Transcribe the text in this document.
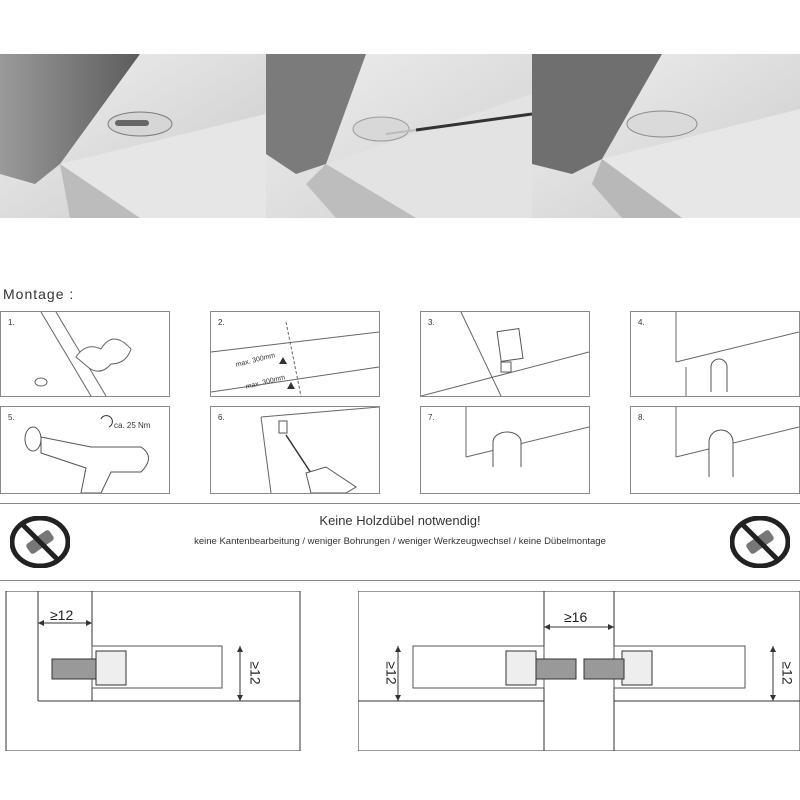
Montage :
1.	2.
max. 300mm
max. 300mm
3.	4.
5.
ca. 25 Nm
6.	7.	8.
Keine Holzdübel notwendig!
keine Kantenbearbeitung / weniger Bohrungen / weniger Werkzeugwechsel / keine Dübelmontage
≥12
≥12
≥16
≥12	≥12
